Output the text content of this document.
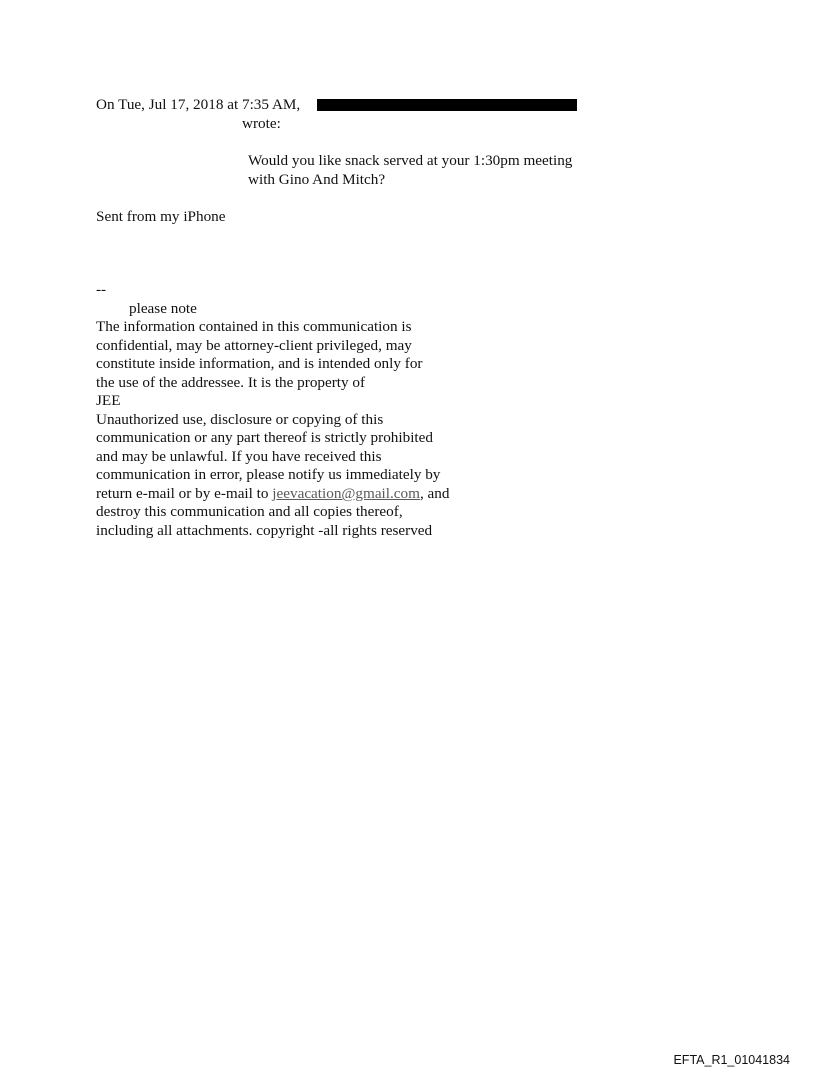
On Tue, Jul 17, 2018 at 7:35 AM,
wrote:
Would you like snack served at your 1:30pm meeting
with Gino And Mitch?
Sent from my iPhone
--
please note
The information contained in this communication is
confidential, may be attorney-client privileged, may
constitute inside information, and is intended only for
the use of the addressee. It is the property of
JEE
Unauthorized use, disclosure or copying of this
communication or any part thereof is strictly prohibited
and may be unlawful. If you have received this
communication in error, please notify us immediately by
return e-mail or by e-mail to jeevacation@gmail.com, and
destroy this communication and all copies thereof,
including all attachments. copyright -all rights reserved
EFTA_R1_01041834
